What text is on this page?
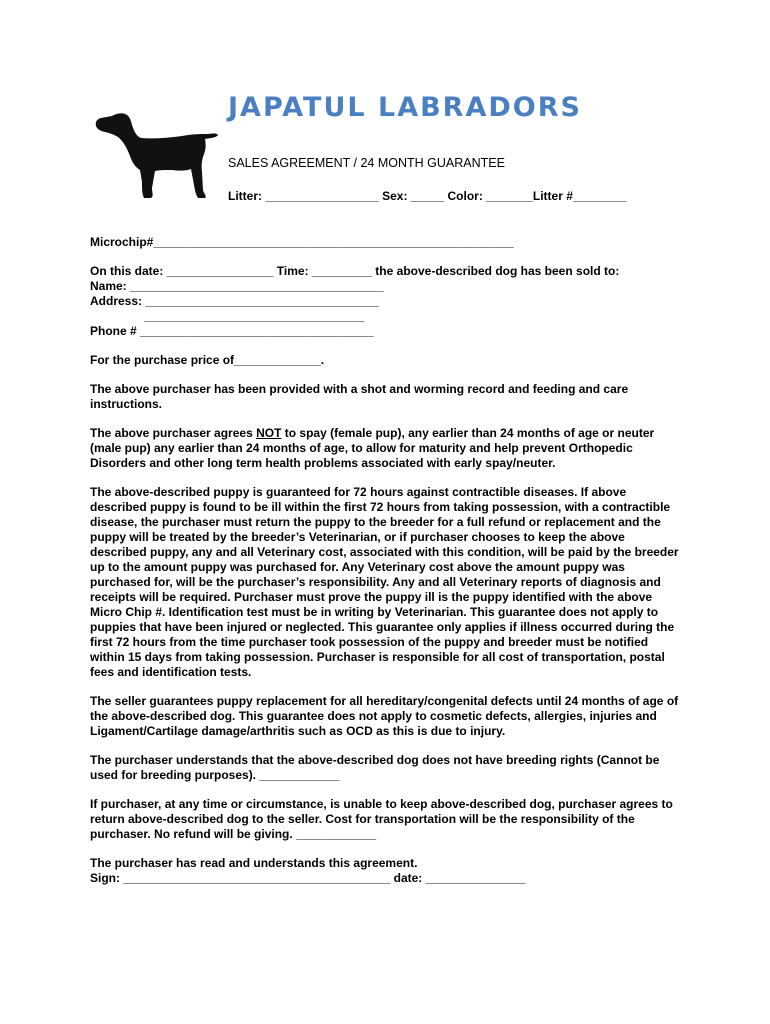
JAPATUL LABRADORS
SALES AGREEMENT / 24 MONTH GUARANTEE
Litter: _________________ Sex: _____ Color: _______Litter #________

Microchip#______________________________________________________

On this date: ________________ Time: _________ the above-described dog has been sold to:
Name: ______________________________________
Address: ___________________________________
_________________________________
Phone # ___________________________________

For the purchase price of_____________.

The above purchaser has been provided with a shot and worming record and feeding and care instructions.

The above purchaser agrees NOT to spay (female pup), any earlier than 24 months of age or neuter (male pup) any earlier than 24 months of age, to allow for maturity and help prevent Orthopedic Disorders and other long term health problems associated with early spay/neuter.

The above-described puppy is guaranteed for 72 hours against contractible diseases. If above described puppy is found to be ill within the first 72 hours from taking possession, with a contractible disease, the purchaser must return the puppy to the breeder for a full refund or replacement and the puppy will be treated by the breeder’s Veterinarian, or if purchaser chooses to keep the above described puppy, any and all Veterinary cost, associated with this condition, will be paid by the breeder up to the amount puppy was purchased for. Any Veterinary cost above the amount puppy was purchased for, will be the purchaser’s responsibility. Any and all Veterinary reports of diagnosis and receipts will be required. Purchaser must prove the puppy ill is the puppy identified with the above Micro Chip #. Identification test must be in writing by Veterinarian. This guarantee does not apply to puppies that have been injured or neglected. This guarantee only applies if illness occurred during the first 72 hours from the time purchaser took possession of the puppy and breeder must be notified within 15 days from taking possession. Purchaser is responsible for all cost of transportation, postal fees and identification tests.

The seller guarantees puppy replacement for all hereditary/congenital defects until 24 months of age of the above-described dog. This guarantee does not apply to cosmetic defects, allergies, injuries and Ligament/Cartilage damage/arthritis such as OCD as this is due to injury.

The purchaser understands that the above-described dog does not have breeding rights (Cannot be used for breeding purposes). ____________

If purchaser, at any time or circumstance, is unable to keep above-described dog, purchaser agrees to return above-described dog to the seller. Cost for transportation will be the responsibility of the purchaser. No refund will be giving. ____________

The purchaser has read and understands this agreement.
Sign: ________________________________________ date: _______________
